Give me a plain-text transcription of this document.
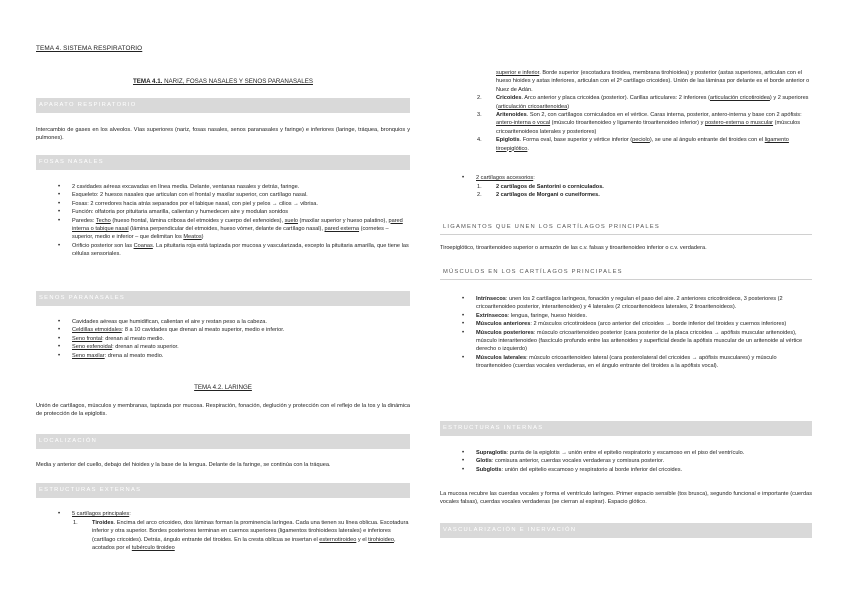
TEMA 4. SISTEMA RESPIRATORIO
TEMA 4.1. NARIZ, FOSAS NASALES Y SENOS PARANASALES
APARATO RESPIRATORIO

Intercambio de gases en los alveolos. Vías superiores (nariz, fosas nasales, senos paranasales y faringe) e inferiores (laringe, tráquea, bronquios y pulmones).

FOSAS NASALES
• 2 cavidades aéreas excavadas en línea media. Delante, ventanas nasales y detrás, faringe.
• Esqueleto: 2 huesos nasales que articulan con el frontal y maxilar superior, con cartílago nasal.
• Fosas: 2 corredores hacia atrás separados por el tabique nasal, con piel y pelos → cilios → vibrisa.
• Función: olfatoria por pituitaria amarilla, calientan y humedecen aire y modulan sonidos
• Paredes: Techo (hueso frontal, lámina cribosa del etmoides y cuerpo del esfenoides), suelo (maxilar superior y hueso palatino), pared interna o tabique nasal (lámina perpendicular del etmoides, hueso vómer, delante de cartílago nasal), pared externa (cornetes – superior, medio e inferior – que delimitan los Meatos)
• Orificio posterior son las Coanas. La pituitaria roja está tapizada por mucosa y vascularizada, excepto la pituitaria amarilla, que tiene las células sensoriales.
SENOS PARANASALES
• Cavidades aéreas que humidifican, calientan el aire y restan peso a la cabeza.
• Celdillas etmoidales: 8 a 10 cavidades que drenan al meato superior, medio e inferior.
• Seno frontal: drenan al meato medio.
• Seno esfenoidal: drenan al meato superior.
• Seno maxilar: drena al meato medio.
TEMA 4.2. LARINGE

Unión de cartílagos, músculos y membranas, tapizada por mucosa. Respiración, fonación, deglución y protección con el reflejo de la tos y la dinámica de protección de la epiglotis.

LOCALIZACIÓN

Media y anterior del cuello, debajo del hioides y la base de la lengua. Delante de la faringe, se continúa con la tráquea.

ESTRUCTURAS EXTERNAS
• 5 cartílagos principales:
1.	Tiroides. Encima del arco cricoideo, dos láminas forman la prominencia laríngea. Cada una tienen su línea oblicua. Escotadura inferior y otra superior. Bordes posteriores terminan en cuernos superiores (ligamentos tirohioideos laterales) e inferiores (cartílago cricoides). Detrás, ángulo entrante del tiroides. En la cresta oblicua se insertan el esternotiroideo y el tirohioideo, acotados por el tubérculo tiroideo
superior e inferior. Borde superior (escotadura tiroidea, membrana tirohioidea) y posterior (astas superiores, articulan con el hueso hioides y astas inferiores, articulan con el 2º cartílago cricoides). Unión de las láminas por delante es el borde anterior o Nuez de Adán.
2.	Cricoides. Arco anterior y placa cricoidea (posterior). Carillas articulares: 2 inferiores (articulación cricotiroidea) y 2 superiores (articulación cricoaritenoidea)
3.	Aritenoides. Son 2, con cartílagos corniculados en el vértice. Caras interna, posterior, antero-interna y base con 2 apófisis: antero-interna o vocal (músculo tiroaritenoideo y ligamento tiroaritenoideo inferior) y postero-externa o muscular (músculos cricoaritenoideos laterales y posteriores)
4.	Epiglotis. Forma oval, base superior y vértice inferior (peciolo), se une al ángulo entrante del tiroides con el ligamento tiroepiglótico.
• 2 cartílagos accesorios:
1.	2 cartílagos de Santorini o corniculados.
2.	2 cartílagos de Morgani o cuneiformes.
LIGAMENTOS QUE UNEN LOS CARTÍLAGOS PRINCIPALES

Tiroepiglótico, tiroaritenoideo superior o armazón de las c.v. falsas y tiroaritenoideo inferior o c.v. verdadera.

MÚSCULOS EN LOS CARTÍLAGOS PRINCIPALES
• Intrínsecos: unen los 2 cartílagos laríngeos, fonación y regulan el paso del aire. 2 anteriores cricotiroideos, 3 posteriores (2 cricoaritenoideo posterior, interaritenoideo) y 4 laterales (2 cricoaritenoideos laterales, 2 tiroaritenoideos).
• Extrínsecos: lengua, faringe, hueso hioides.
• Músculos anteriores: 2 músculos cricotiroideos (arco anterior del cricoides → borde inferior del tiroides y cuernos inferiores)
• Músculos posteriores: músculo cricoaritenoideo posterior (cara posterior de la placa cricoidea → apófisis muscular aritenoides), músculo interaritenoideo (fascículo profundo entre las aritenoides y superficial desde la apófisis muscular de un aritenoide al vértice derecho o izquierdo)
• Músculos laterales: músculo cricoaritenoideo lateral (cara posterolateral del cricoides → apófisis musculares) y músculo tiroaritenoideo (cuerdas vocales verdaderas, en el ángulo entrante del tiroides a la apófisis vocal).
ESTRUCTURAS INTERNAS
• Supraglotis: punta de la epiglotis → unión entre el epitelio respiratorio y escamoso en el piso del ventrículo.
• Glotis: comisura anterior, cuerdas vocales verdaderas y comisura posterior.
• Subglotis: unión del epitelio escamoso y respiratorio al borde inferior del cricoides.

La mucosa recubre las cuerdas vocales y forma el ventrículo laríngeo. Primer espacio sensible (tos brusca), segundo funcional e importante (cuerdas vocales falsas), cuerdas vocales verdaderas (se cierran al espirar). Espacio glótico.

VASCULARIZACIÓN E INERVACIÓN
